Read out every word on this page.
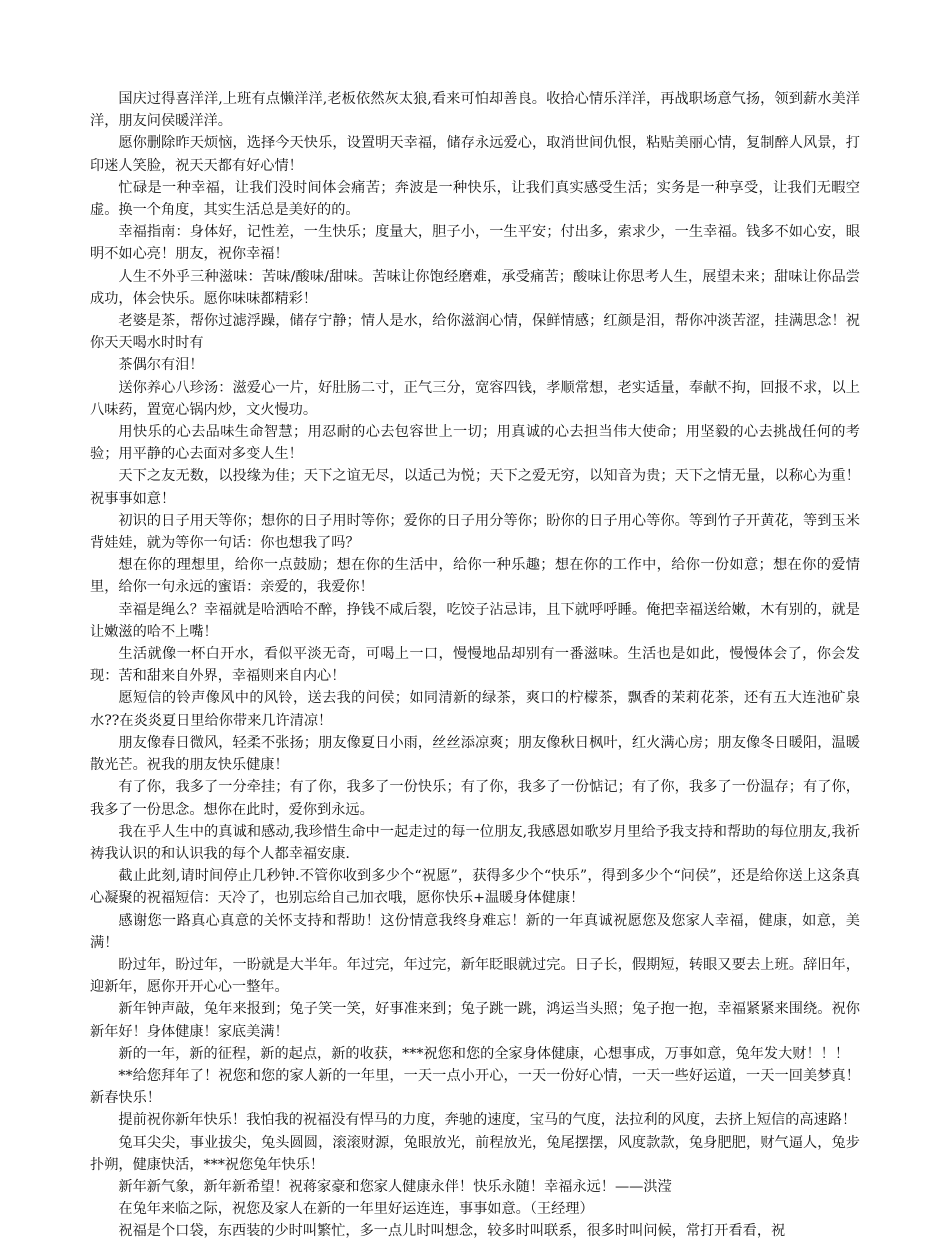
国庆过得喜洋洋,上班有点懒洋洋,老板依然灰太狼,看来可怕却善良。收拾心情乐洋洋，再战职场意气扬，领到薪水美洋洋，朋友问侯暖洋洋。

愿你删除昨天烦恼，选择今天快乐，设置明天幸福，储存永远爱心，取消世间仇恨，粘贴美丽心情，复制醉人风景，打印迷人笑脸，祝天天都有好心情！

忙碌是一种幸福，让我们没时间体会痛苦；奔波是一种快乐，让我们真实感受生活；实务是一种享受，让我们无暇空虚。换一个角度，其实生活总是美好的的。

幸福指南：身体好，记性差，一生快乐；度量大，胆子小，一生平安；付出多，索求少，一生幸福。钱多不如心安，眼明不如心亮！朋友，祝你幸福！

人生不外乎三种滋味：苦味/酸味/甜味。苦味让你饱经磨难，承受痛苦；酸味让你思考人生，展望未来；甜味让你品尝成功，体会快乐。愿你味味都精彩！

老婆是茶，帮你过滤浮躁，储存宁静；情人是水，给你滋润心情，保鲜情感；红颜是泪，帮你冲淡苦涩，挂满思念！祝你天天喝水时时有

茶偶尔有泪！

送你养心八珍汤：滋爱心一片，好肚肠二寸，正气三分，宽容四钱，孝顺常想，老实适量，奉献不拘，回报不求，以上八味药，置宽心锅内炒，文火慢功。

用快乐的心去品味生命智慧；用忍耐的心去包容世上一切；用真诚的心去担当伟大使命；用坚毅的心去挑战任何的考验；用平静的心去面对多变人生！

天下之友无数，以投缘为佳；天下之谊无尽，以适己为悦；天下之爱无穷，以知音为贵；天下之情无量，以称心为重！祝事事如意！

初识的日子用天等你；想你的日子用时等你；爱你的日子用分等你；盼你的日子用心等你。等到竹子开黄花，等到玉米背娃娃，就为等你一句话：你也想我了吗？

想在你的理想里，给你一点鼓励；想在你的生活中，给你一种乐趣；想在你的工作中，给你一份如意；想在你的爱情里，给你一句永远的蜜语：亲爱的，我爱你！

幸福是绳么？幸福就是哈洒哈不醉，挣钱不咸后裂，吃饺子沾忌讳，且下就呼呼睡。俺把幸福送给嫩，木有别的，就是让嫩滋的哈不上嘴！

生活就像一杯白开水，看似平淡无奇，可喝上一口，慢慢地品却别有一番滋味。生活也是如此，慢慢体会了，你会发现：苦和甜来自外界，幸福则来自内心！

愿短信的铃声像风中的风铃，送去我的问侯；如同清新的绿茶，爽口的柠檬茶，飘香的茉莉花茶，还有五大连池矿泉水??在炎炎夏日里给你带来几许清凉！

朋友像春日微风，轻柔不张扬；朋友像夏日小雨，丝丝添凉爽；朋友像秋日枫叶，红火满心房；朋友像冬日暖阳，温暖散光芒。祝我的朋友快乐健康！

有了你，我多了一分牵挂；有了你，我多了一份快乐；有了你，我多了一份惦记；有了你，我多了一份温存；有了你，我多了一份思念。想你在此时，爱你到永远。

我在乎人生中的真诚和感动,我珍惜生命中一起走过的每一位朋友,我感恩如歌岁月里给予我支持和帮助的每位朋友,我祈祷我认识的和认识我的每个人都幸福安康.

截止此刻,请时间停止几秒钟.不管你收到多少个“祝愿”，获得多少个“快乐”，得到多少个“问侯”，还是给你送上这条真心凝聚的祝福短信：天冷了，也别忘给自己加衣哦，愿你快乐+温暖身体健康！

感谢您一路真心真意的关怀支持和帮助！这份情意我终身难忘！新的一年真诚祝愿您及您家人幸福，健康，如意，美满！

盼过年，盼过年，一盼就是大半年。年过完，年过完，新年眨眼就过完。日子长，假期短，转眼又要去上班。辞旧年，迎新年，愿你开开心心一整年。

新年钟声敲，兔年来报到；兔子笑一笑，好事准来到；兔子跳一跳，鸿运当头照；兔子抱一抱，幸福紧紧来围绕。祝你新年好！身体健康！家底美满！

新的一年，新的征程，新的起点，新的收获，***祝您和您的全家身体健康，心想事成，万事如意，兔年发大财！！！

**给您拜年了！祝您和您的家人新的一年里，一天一点小开心，一天一份好心情，一天一些好运道，一天一回美梦真！新春快乐！

提前祝你新年快乐！我怕我的祝福没有悍马的力度，奔驰的速度，宝马的气度，法拉利的风度，去挤上短信的高速路！

兔耳尖尖，事业拔尖，兔头圆圆，滚滚财源，兔眼放光，前程放光，兔尾摆摆，风度款款，兔身肥肥，财气逼人，兔步扑朔，健康快活，***祝您兔年快乐！

新年新气象，新年新希望！祝蒋家豪和您家人健康永伴！快乐永随！幸福永远！——洪滢

在兔年来临之际，祝您及家人在新的一年里好运连连，事事如意。（王经理）

祝福是个口袋，东西装的少时叫繁忙，多一点儿时叫想念，较多时叫联系，很多时叫问候，常打开看看，祝
